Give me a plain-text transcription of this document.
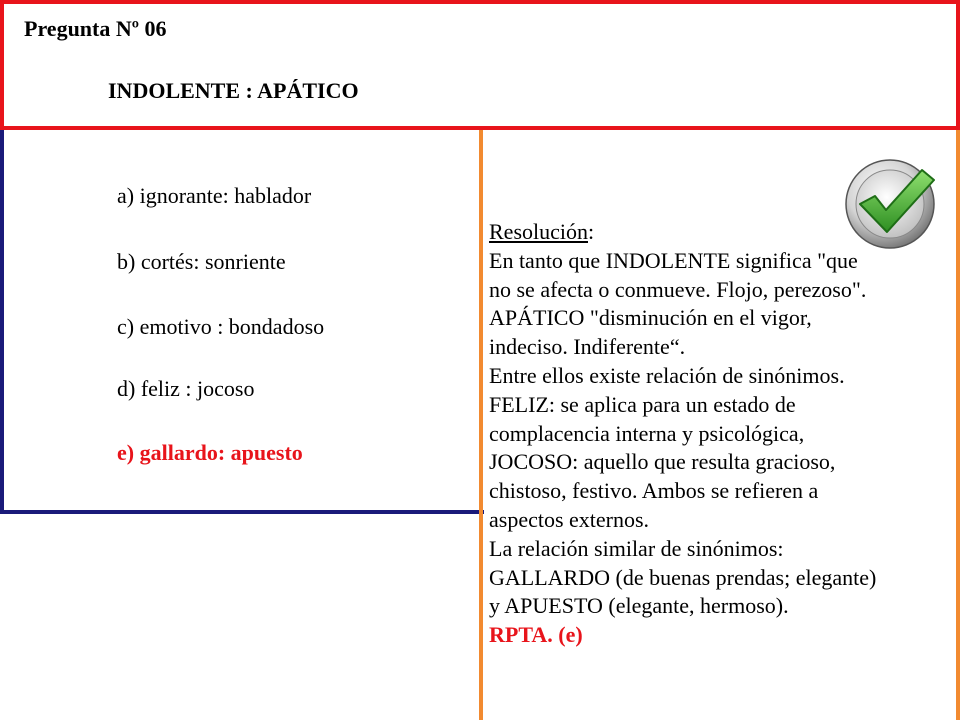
Pregunta Nº 06
INDOLENTE : APÁTICO
a) ignorante: hablador
b) cortés: sonriente
c) emotivo : bondadoso
d) feliz : jocoso
e) gallardo: apuesto
Resolución:
En tanto que INDOLENTE significa "que
no se afecta o conmueve. Flojo, perezoso".
APÁTICO "disminución en el vigor,
indeciso. Indiferente“.
Entre ellos existe relación de sinónimos.
FELIZ: se aplica para un estado de
complacencia interna y psicológica,
JOCOSO: aquello que resulta gracioso,
chistoso, festivo. Ambos se refieren a
aspectos externos.
La relación similar de sinónimos:
GALLARDO (de buenas prendas; elegante)
y APUESTO (elegante, hermoso).
RPTA. (e)
